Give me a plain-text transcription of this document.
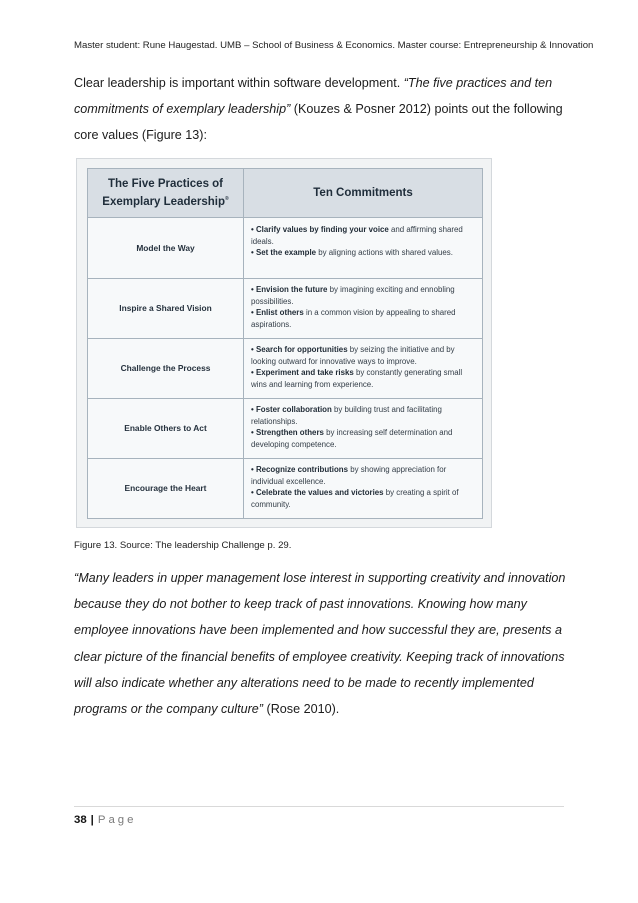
Master student: Rune Haugestad. UMB – School of Business & Economics. Master course: Entrepreneurship & Innovation

Clear leadership is important within software development. “The five practices and ten commitments of exemplary leadership” (Kouzes & Posner 2012) points out the following core values (Figure 13):

The Five Practices of
Exemplary Leadership®	Ten Commitments
Model the Way
• Clarify values by finding your voice and affirming shared ideals.
• Set the example by aligning actions with shared values.
Inspire a Shared Vision
• Envision the future by imagining exciting and ennobling possibilities.
• Enlist others in a common vision by appealing to shared aspirations.
Challenge the Process
• Search for opportunities by seizing the initiative and by looking outward for innovative ways to improve.
• Experiment and take risks by constantly generating small wins and learning from experience.
Enable Others to Act
• Foster collaboration by building trust and facilitating relationships.
• Strengthen others by increasing self determination and developing competence.
Encourage the Heart
• Recognize contributions by showing appreciation for individual excellence.
• Celebrate the values and victories by creating a spirit of community.
Figure 13. Source: The leadership Challenge p. 29.

“Many leaders in upper management lose interest in supporting creativity and innovation because they do not bother to keep track of past innovations. Knowing how many employee innovations have been implemented and how successful they are, presents a clear picture of the financial benefits of employee creativity. Keeping track of innovations will also indicate whether any alterations need to be made to recently implemented programs or the company culture” (Rose 2010).

38 | Page
